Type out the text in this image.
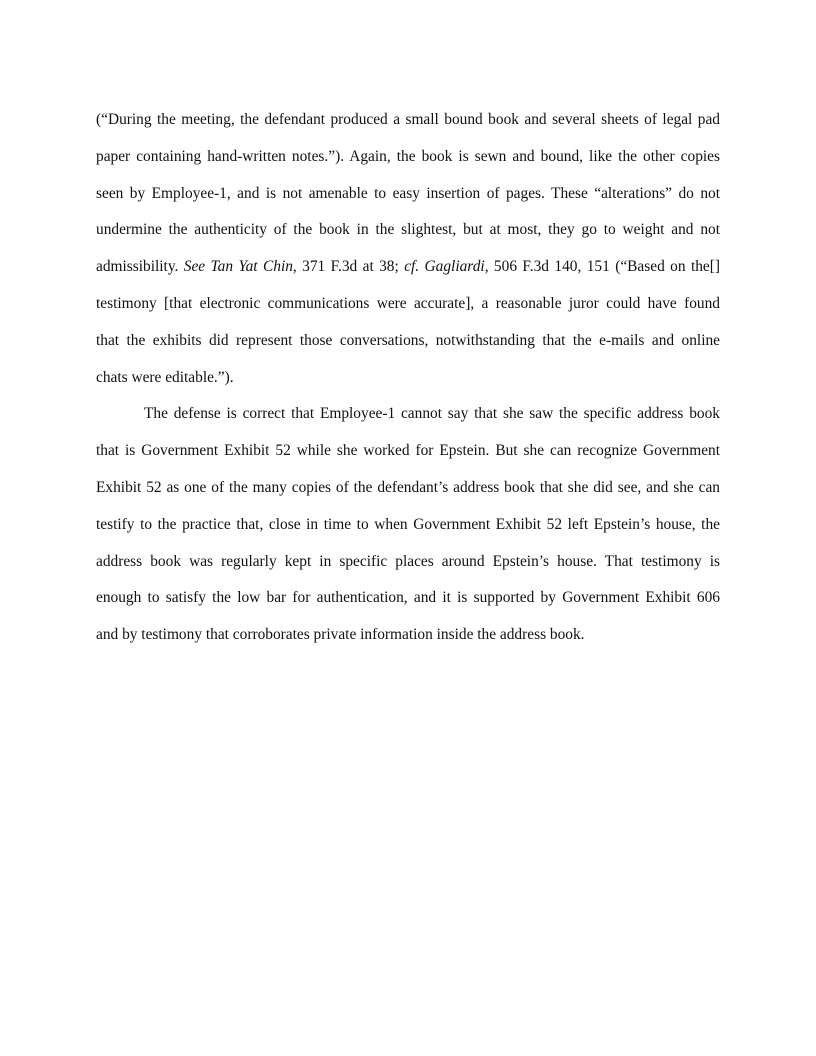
(“During the meeting, the defendant produced a small bound book and several sheets of legal pad
paper containing hand-written notes.”). Again, the book is sewn and bound, like the other copies
seen by Employee-1, and is not amenable to easy insertion of pages. These “alterations” do not
undermine the authenticity of the book in the slightest, but at most, they go to weight and not
admissibility. See Tan Yat Chin, 371 F.3d at 38; cf. Gagliardi, 506 F.3d 140, 151 (“Based on the[]
testimony [that electronic communications were accurate], a reasonable juror could have found
that the exhibits did represent those conversations, notwithstanding that the e-mails and online
chats were editable.”).
The defense is correct that Employee-1 cannot say that she saw the specific address book
that is Government Exhibit 52 while she worked for Epstein. But she can recognize Government
Exhibit 52 as one of the many copies of the defendant’s address book that she did see, and she can
testify to the practice that, close in time to when Government Exhibit 52 left Epstein’s house, the
address book was regularly kept in specific places around Epstein’s house. That testimony is
enough to satisfy the low bar for authentication, and it is supported by Government Exhibit 606
and by testimony that corroborates private information inside the address book.
